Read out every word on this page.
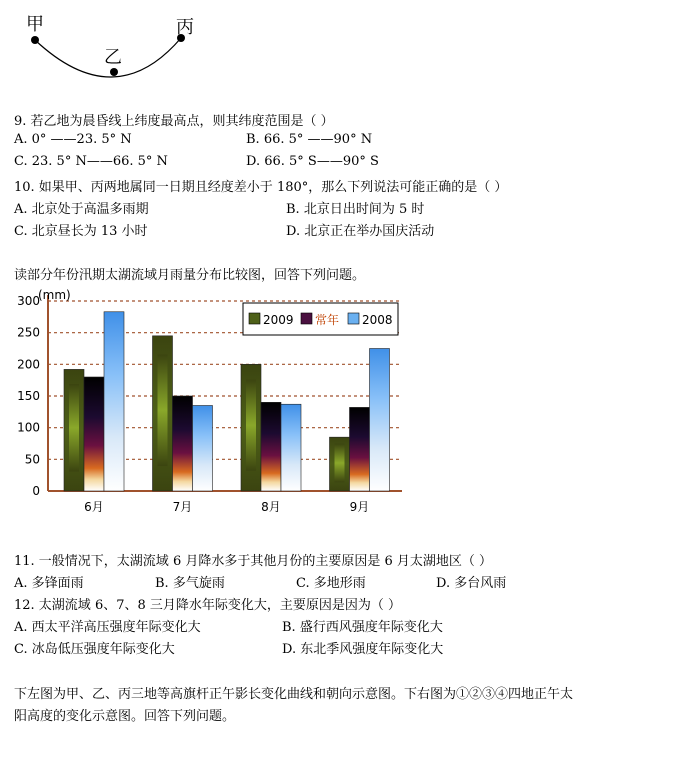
甲
乙
丙
9. 若乙地为晨昏线上纬度最高点，则其纬度范围是（ ）
A. 0° ——23. 5° N	B. 66. 5° ——90° N
C. 23. 5° N——66. 5° N	D. 66. 5° S——90° S
10. 如果甲、丙两地属同一日期且经度差小于 180°，那么下列说法可能正确的是（ ）
A. 北京处于高温多雨期	B. 北京日出时间为 5 时
C. 北京昼长为 13 小时	D. 北京正在举办国庆活动
读部分年份汛期太湖流域月雨量分布比较图，回答下列问题。
0
50
100
150
200
250
300
(mm)
6月	7月	8月	9月
2009 常年 2008
11. 一般情况下，太湖流域 6 月降水多于其他月份的主要原因是 6 月太湖地区（ ）
A. 多锋面雨	B. 多气旋雨	C. 多地形雨	D. 多台风雨
12. 太湖流域 6、7、8 三月降水年际变化大，主要原因是因为（ ）
A. 西太平洋高压强度年际变化大	B. 盛行西风强度年际变化大
C. 冰岛低压强度年际变化大	D. 东北季风强度年际变化大
下左图为甲、乙、丙三地等高旗杆正午影长变化曲线和朝向示意图。下右图为①②③④四地正午太
阳高度的变化示意图。回答下列问题。
